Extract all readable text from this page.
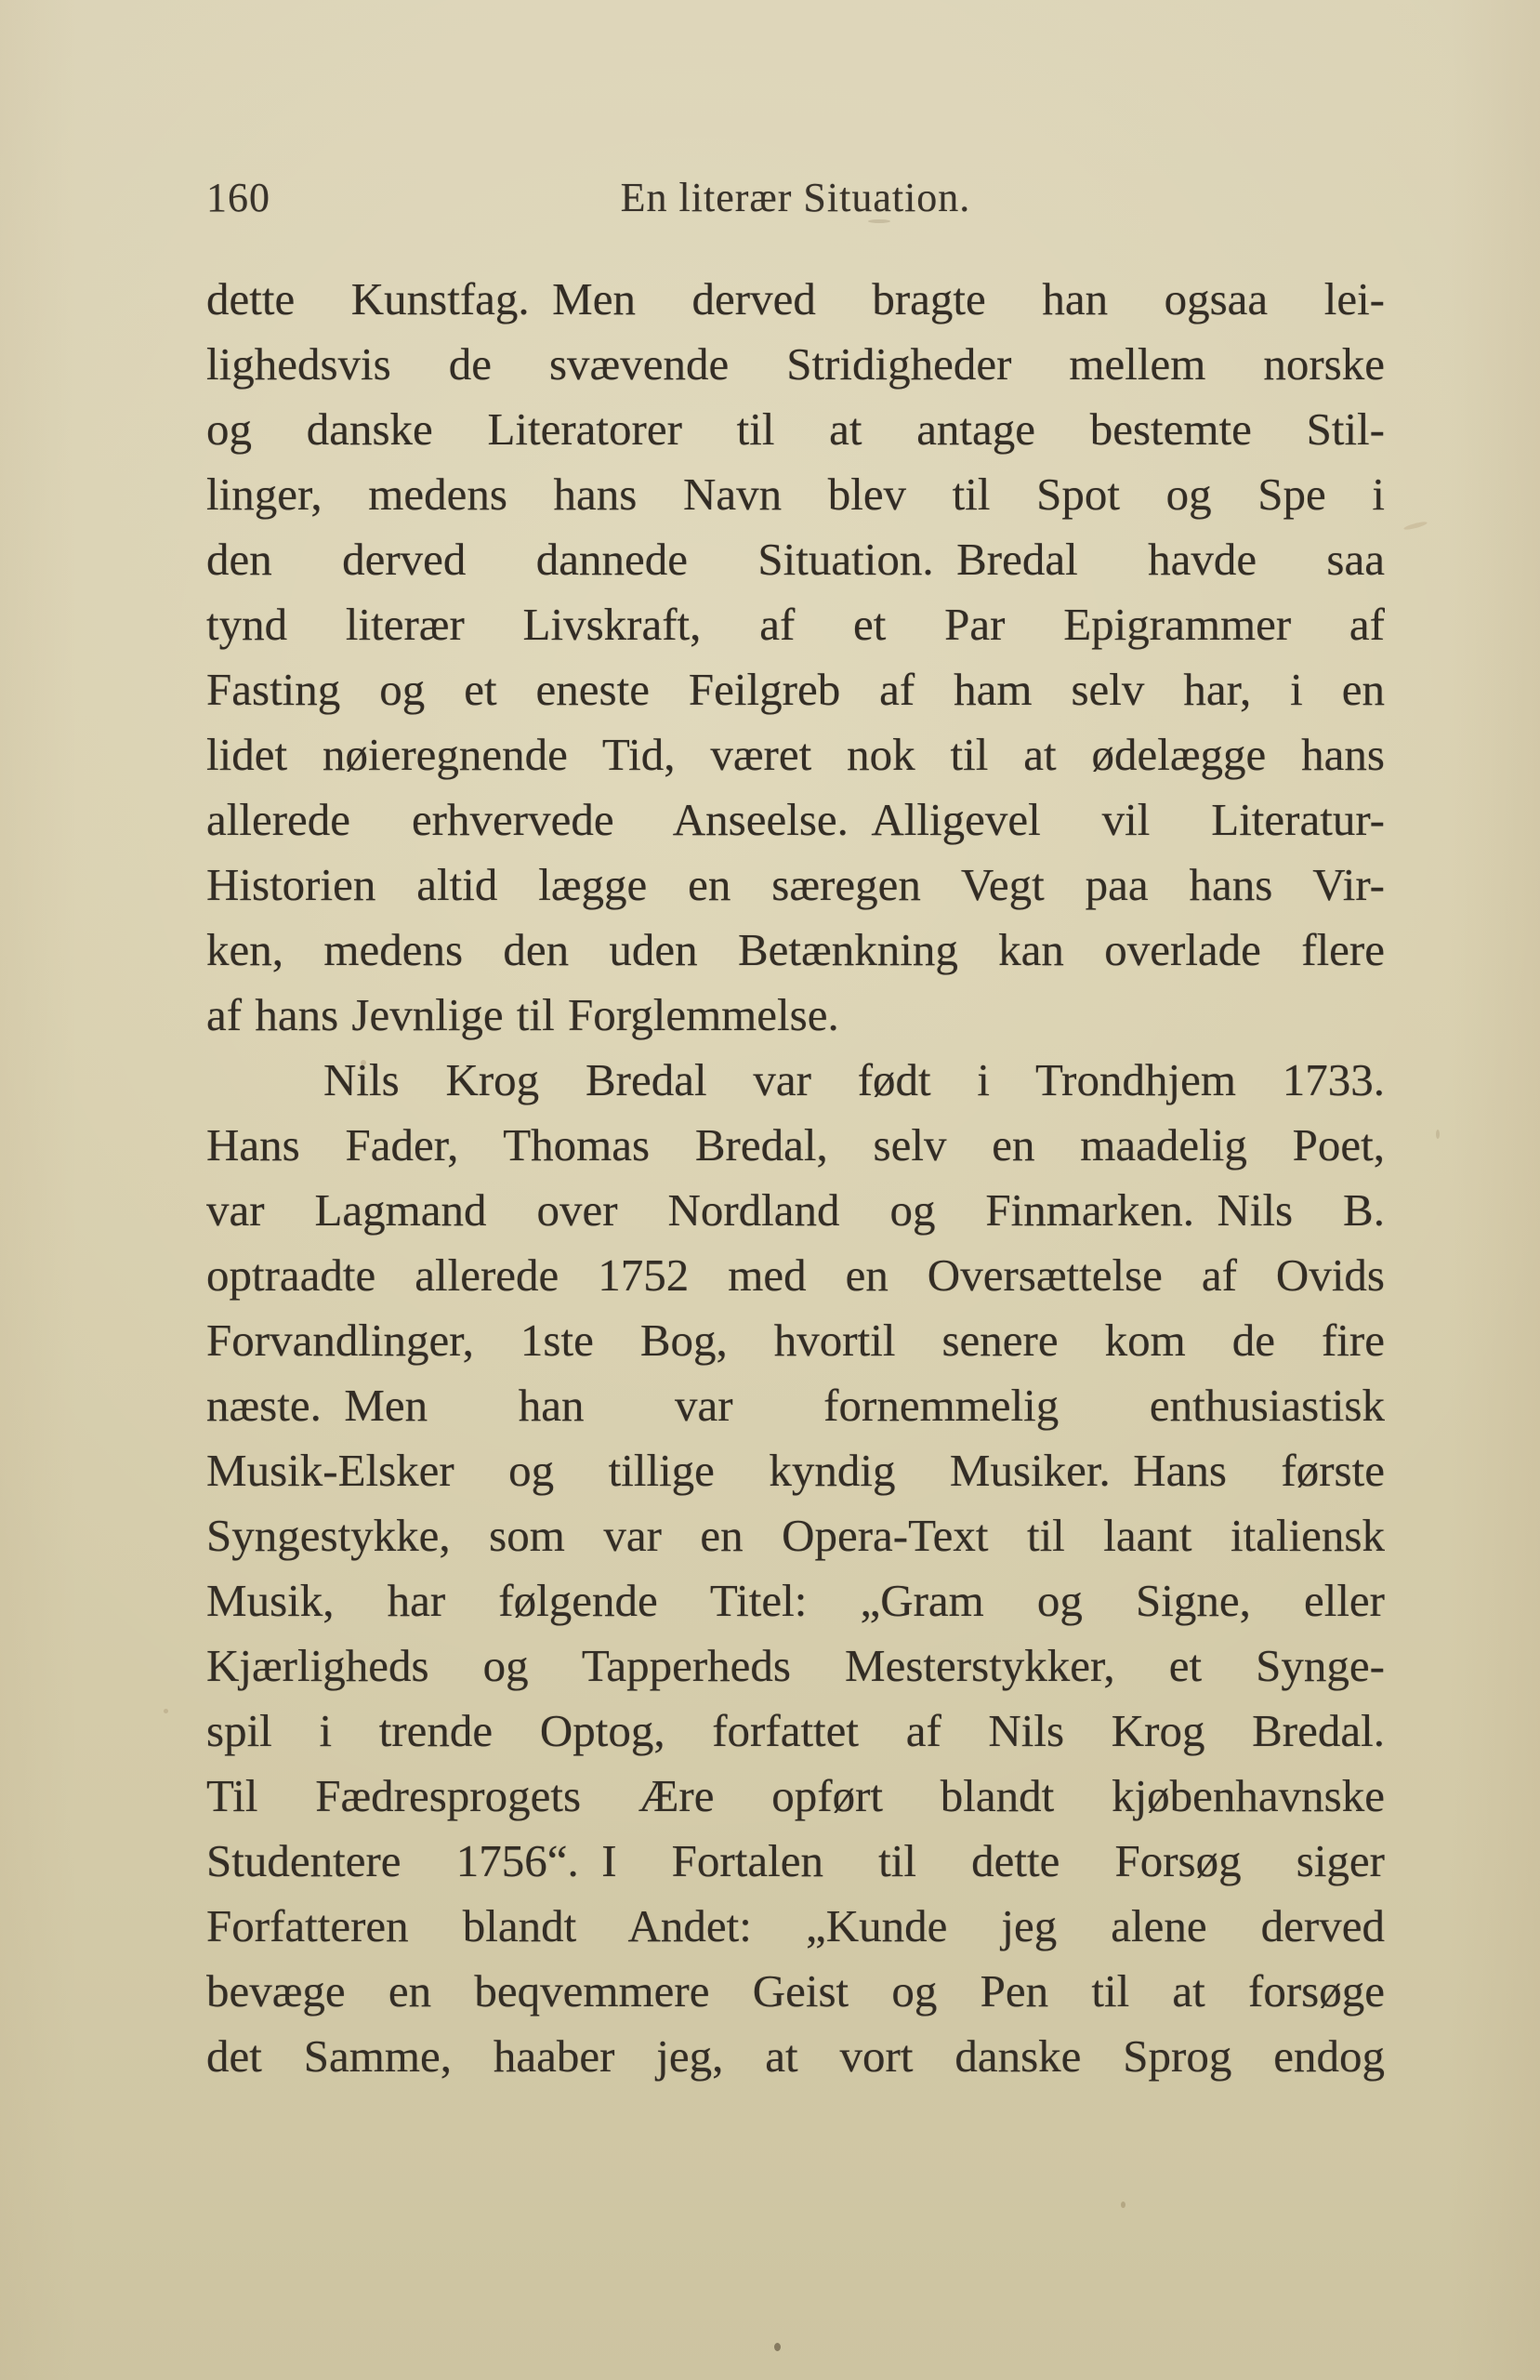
160	En literær Situation.
dette Kunstfag. Men derved bragte han ogsaa lei-
lighedsvis de svævende Stridigheder mellem norske
og danske Literatorer til at antage bestemte Stil-
linger, medens hans Navn blev til Spot og Spe i
den derved dannede Situation. Bredal havde saa
tynd literær Livskraft, af et Par Epigrammer af
Fasting og et eneste Feilgreb af ham selv har, i en
lidet nøieregnende Tid, været nok til at ødelægge hans
allerede erhvervede Anseelse. Alligevel vil Literatur-
Historien altid lægge en særegen Vegt paa hans Vir-
ken, medens den uden Betænkning kan overlade flere
af hans Jevnlige til Forglemmelse.
Nils Krog Bredal var født i Trondhjem 1733.
Hans Fader, Thomas Bredal, selv en maadelig Poet,
var Lagmand over Nordland og Finmarken. Nils B.
optraadte allerede 1752 med en Oversættelse af Ovids
Forvandlinger, 1ste Bog, hvortil senere kom de fire
næste. Men han var fornemmelig enthusiastisk
Musik-Elsker og tillige kyndig Musiker. Hans første
Syngestykke, som var en Opera-Text til laant italiensk
Musik, har følgende Titel: „Gram og Signe, eller
Kjærligheds og Tapperheds Mesterstykker, et Synge-
spil i trende Optog, forfattet af Nils Krog Bredal.
Til Fædresprogets Ære opført blandt kjøbenhavnske
Studentere 1756“. I Fortalen til dette Forsøg siger
Forfatteren blandt Andet: „Kunde jeg alene derved
bevæge en beqvemmere Geist og Pen til at forsøge
det Samme, haaber jeg, at vort danske Sprog endog
